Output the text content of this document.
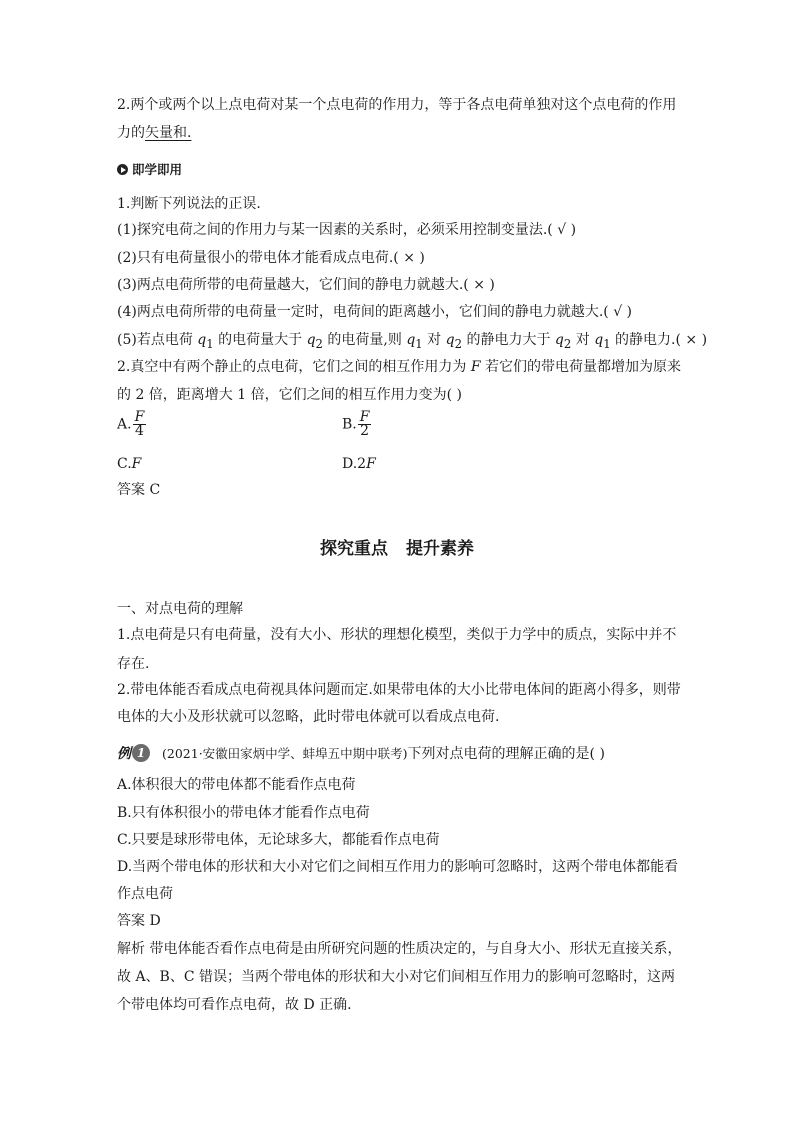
2.两个或两个以上点电荷对某一个点电荷的作用力，等于各点电荷单独对这个点电荷的作用
力的矢量和.
即学即用
1.判断下列说法的正误.
(1)探究电荷之间的作用力与某一因素的关系时，必须采用控制变量法.( √ )
(2)只有电荷量很小的带电体才能看成点电荷.( × )
(3)两点电荷所带的电荷量越大，它们间的静电力就越大.( × )
(4)两点电荷所带的电荷量一定时，电荷间的距离越小，它们间的静电力就越大.( √ )
(5)若点电荷 $q_1$ 的电荷量大于 $q_2$ 的电荷量,则 $q_1$ 对 $q_2$ 的静电力大于 $q_2$ 对 $q_1$ 的静电力.( × )
2.真空中有两个静止的点电荷，它们之间的相互作用力为 F 若它们的带电荷量都增加为原来
的 2 倍，距离增大 1 倍，它们之间的相互作用力变为( )
A. $\frac{F}{4}$	B. $\frac{F}{2}$
C.F	D.2F
答案 C
探究重点 提升素养
一、对点电荷的理解
1.点电荷是只有电荷量，没有大小、形状的理想化模型，类似于力学中的质点，实际中并不
存在.
2.带电体能否看成点电荷视具体问题而定.如果带电体的大小比带电体间的距离小得多，则带
电体的大小及形状就可以忽略，此时带电体就可以看成点电荷.
例 1 (2021·安徽田家炳中学、蚌埠五中期中联考)下列对点电荷的理解正确的是( )
A.体积很大的带电体都不能看作点电荷
B.只有体积很小的带电体才能看作点电荷
C.只要是球形带电体，无论球多大，都能看作点电荷
D.当两个带电体的形状和大小对它们之间相互作用力的影响可忽略时，这两个带电体都能看
作点电荷
答案 D
解析 带电体能否看作点电荷是由所研究问题的性质决定的，与自身大小、形状无直接关系，
故 A、B、C 错误；当两个带电体的形状和大小对它们间相互作用力的影响可忽略时，这两
个带电体均可看作点电荷，故 D 正确.
